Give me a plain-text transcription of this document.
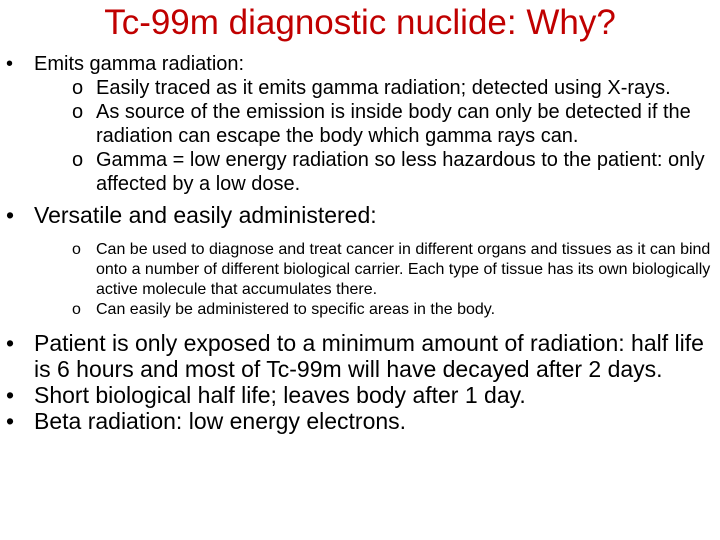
Tc-99m diagnostic nuclide: Why?
• Emits gamma radiation:
o Easily traced as it emits gamma radiation; detected using X-rays.
o As source of the emission is inside body can only be detected if the radiation can escape the body which gamma rays can.
o Gamma = low energy radiation so less hazardous to the patient: only affected by a low dose.
• Versatile and easily administered:
o Can be used to diagnose and treat cancer in different organs and tissues as it can bind onto a number of different biological carrier. Each type of tissue has its own biologically active molecule that accumulates there.
o Can easily be administered to specific areas in the body.
• Patient is only exposed to a minimum amount of radiation: half life is 6 hours and most of Tc-99m will have decayed after 2 days.
• Short biological half life; leaves body after 1 day.
• Beta radiation: low energy electrons.
